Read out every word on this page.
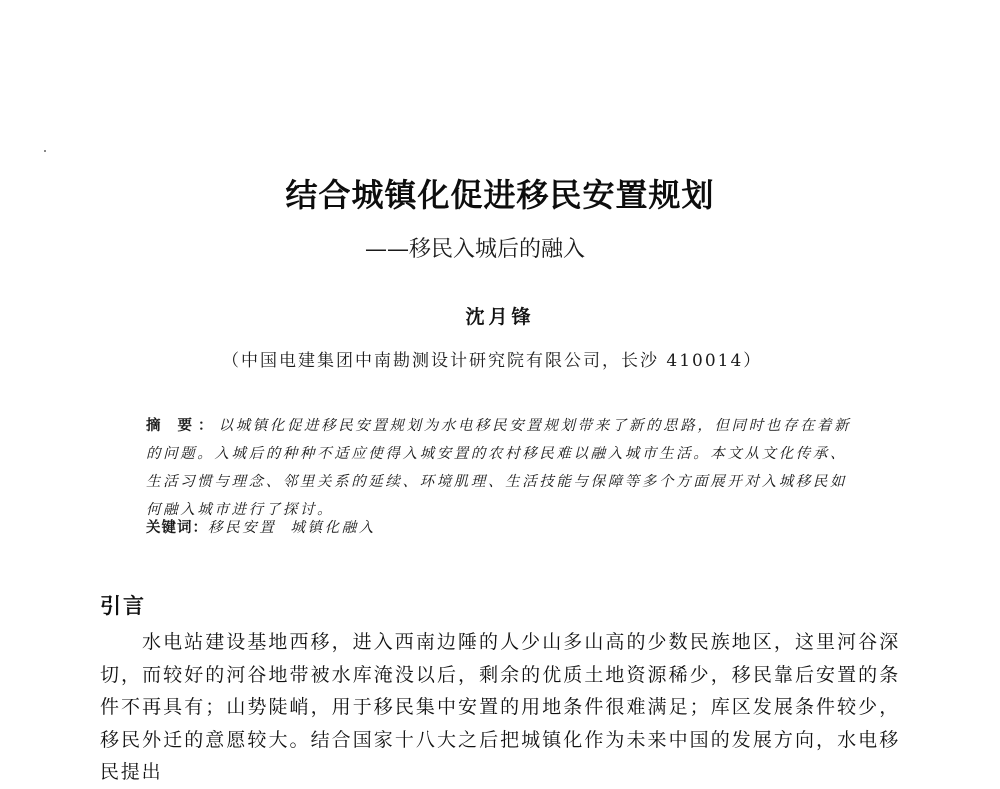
结合城镇化促进移民安置规划
——移民入城后的融入
沈月锋
（中国电建集团中南勘测设计研究院有限公司，长沙 410014）
摘 要：以城镇化促进移民安置规划为水电移民安置规划带来了新的思路，但同时也存在着新的问题。入城后的种种不适应使得入城安置的农村移民难以融入城市生活。本文从文化传承、生活习惯与理念、邻里关系的延续、环境肌理、生活技能与保障等多个方面展开对入城移民如何融入城市进行了探讨。
关键词：移民安置 城镇化融入
引言
水电站建设基地西移，进入西南边陲的人少山多山高的少数民族地区，这里河谷深切，而较好的河谷地带被水库淹没以后，剩余的优质土地资源稀少，移民靠后安置的条件不再具有；山势陡峭，用于移民集中安置的用地条件很难满足；库区发展条件较少，移民外迁的意愿较大。结合国家十八大之后把城镇化作为未来中国的发展方向，水电移民提出
